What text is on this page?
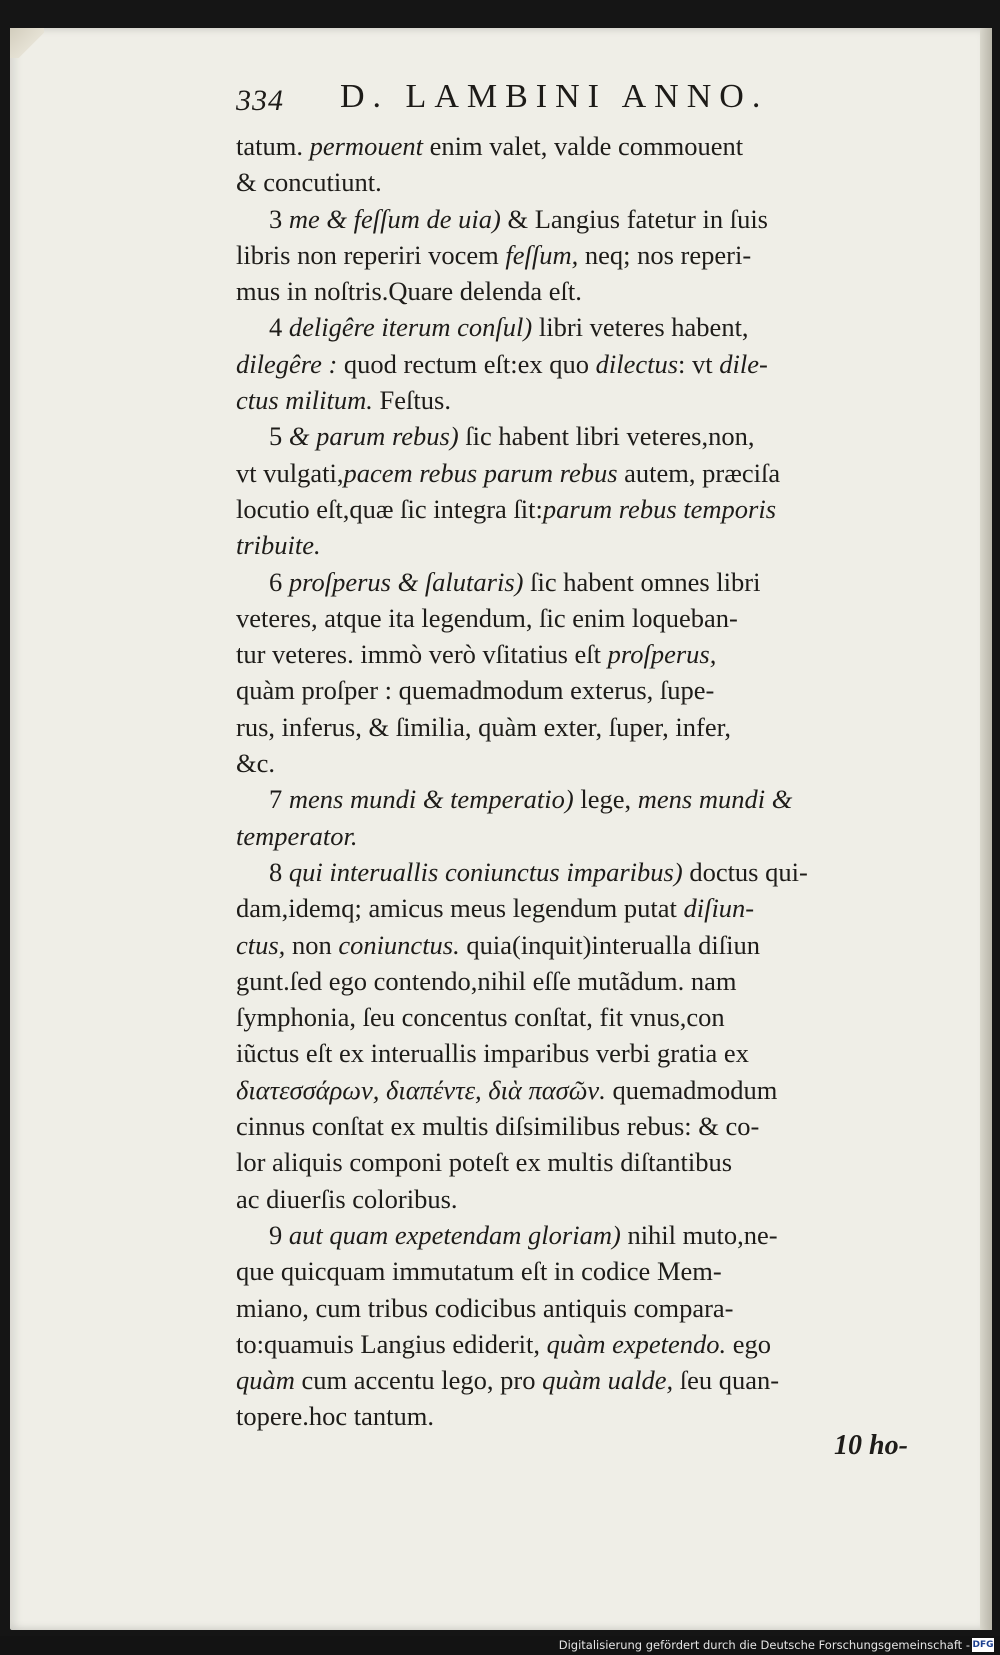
334 D. LAMBINI ANNO.
tatum. permouent enim valet, valde commouent
& concutiunt.
3 me & feſſum de uia) & Langius fatetur in ſuis
libris non reperiri vocem feſſum, neq; nos reperi-
mus in noſtris.Quare delenda eſt.
4 deligêre iterum conſul) libri veteres habent,
dilegêre : quod rectum eſt:ex quo dilectus: vt dile-
ctus militum. Feſtus.
5 & parum rebus) ſic habent libri veteres,non,
vt vulgati,pacem rebus parum rebus autem, præciſa
locutio eſt,quæ ſic integra ſit:parum rebus temporis
tribuite.
6 proſperus & ſalutaris) ſic habent omnes libri
veteres, atque ita legendum, ſic enim loqueban-
tur veteres. immò verò vſitatius eſt proſperus,
quàm proſper : quemadmodum exterus, ſupe-
rus, inferus, & ſimilia, quàm exter, ſuper, infer,
&c.
7 mens mundi & temperatio) lege, mens mundi &
temperator.
8 qui interuallis coniunctus imparibus) doctus qui-
dam,idemq; amicus meus legendum putat diſiun-
ctus, non coniunctus. quia(inquit)interualla diſiun
gunt.ſed ego contendo,nihil eſſe mutãdum. nam
ſymphonia, ſeu concentus conſtat, fit vnus,con
iũctus eſt ex interuallis imparibus verbi gratia ex
διατεσσάρων, διαπέντε, διὰ πασῶν. quemadmodum
cinnus conſtat ex multis diſsimilibus rebus: & co-
lor aliquis componi poteſt ex multis diſtantibus
ac diuerſis coloribus.
9 aut quam expetendam gloriam) nihil muto,ne-
que quicquam immutatum eſt in codice Mem-
miano, cum tribus codicibus antiquis compara-
to:quamuis Langius ediderit, quàm expetendo. ego
quàm cum accentu lego, pro quàm ualde, ſeu quan-
topere.hoc tantum.
10 ho-
Digitalisierung gefördert durch die Deutsche Forschungsgemeinschaft - DFG
